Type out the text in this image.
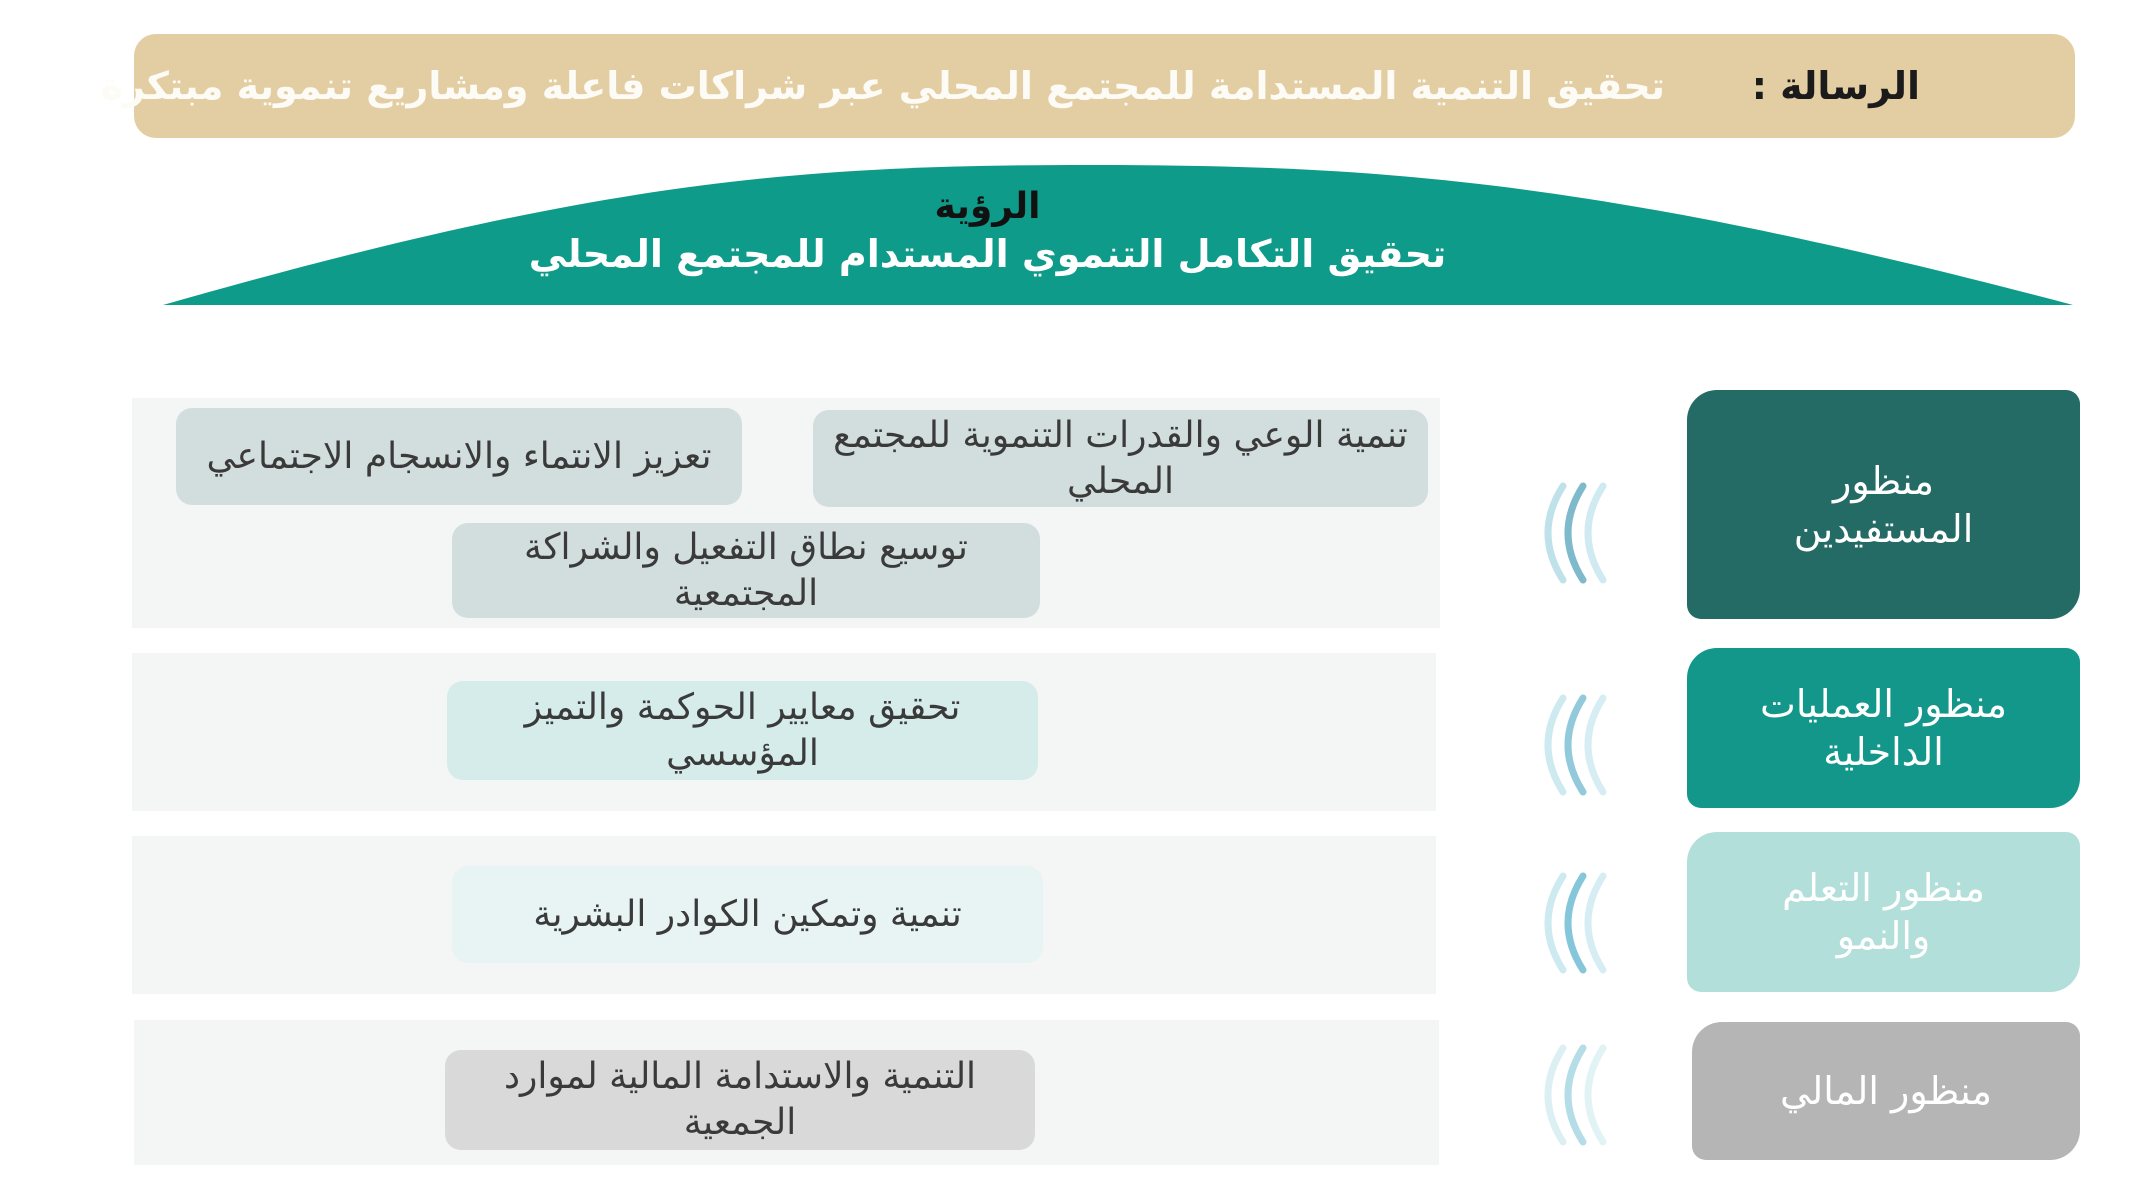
الرسالة :
تحقيق التنمية المستدامة للمجتمع المحلي عبر شراكات فاعلة ومشاريع تنموية مبتكرة
الرؤية
تحقيق التكامل التنموي المستدام للمجتمع المحلي
تنمية الوعي والقدرات التنموية للمجتمع المحلي
تعزيز الانتماء والانسجام الاجتماعي
توسيع نطاق التفعيل والشراكة المجتمعية
منظور المستفيدين
تحقيق معايير الحوكمة والتميز المؤسسي
منظور العمليات الداخلية
تنمية وتمكين الكوادر البشرية
منظور التعلم والنمو
التنمية والاستدامة المالية لموارد الجمعية
منظور المالي
